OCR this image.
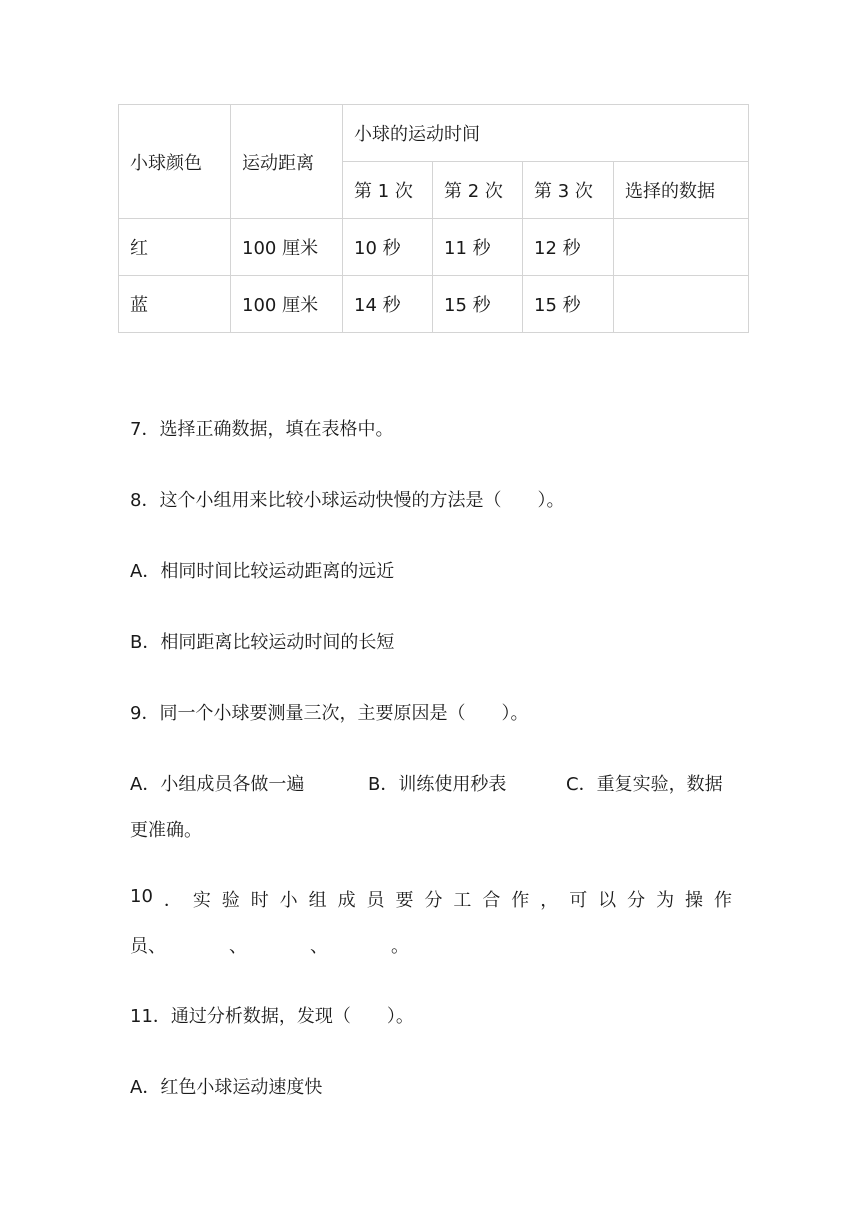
小球颜色	运动距离	小球的运动时间			
		第 1 次	第 2 次	第 3 次	选择的数据
红	100 厘米	10 秒	11 秒	12 秒	
蓝	100 厘米	14 秒	15 秒	15 秒	
7．选择正确数据，填在表格中。
8．这个小组用来比较小球运动快慢的方法是（　　）。
A．相同时间比较运动距离的远近
B．相同距离比较运动时间的长短
9．同一个小球要测量三次，主要原因是（　　）。
A．小组成员各做一遍	B．训练使用秒表	C．重复实验，数据
更准确。
10 ． 实 验 时 小 组 成 员 要 分 工 合 作 ， 可 以 分 为 操 作
员、　　　　、　　　　、　　　　。
11．通过分析数据，发现（　　）。
A．红色小球运动速度快
